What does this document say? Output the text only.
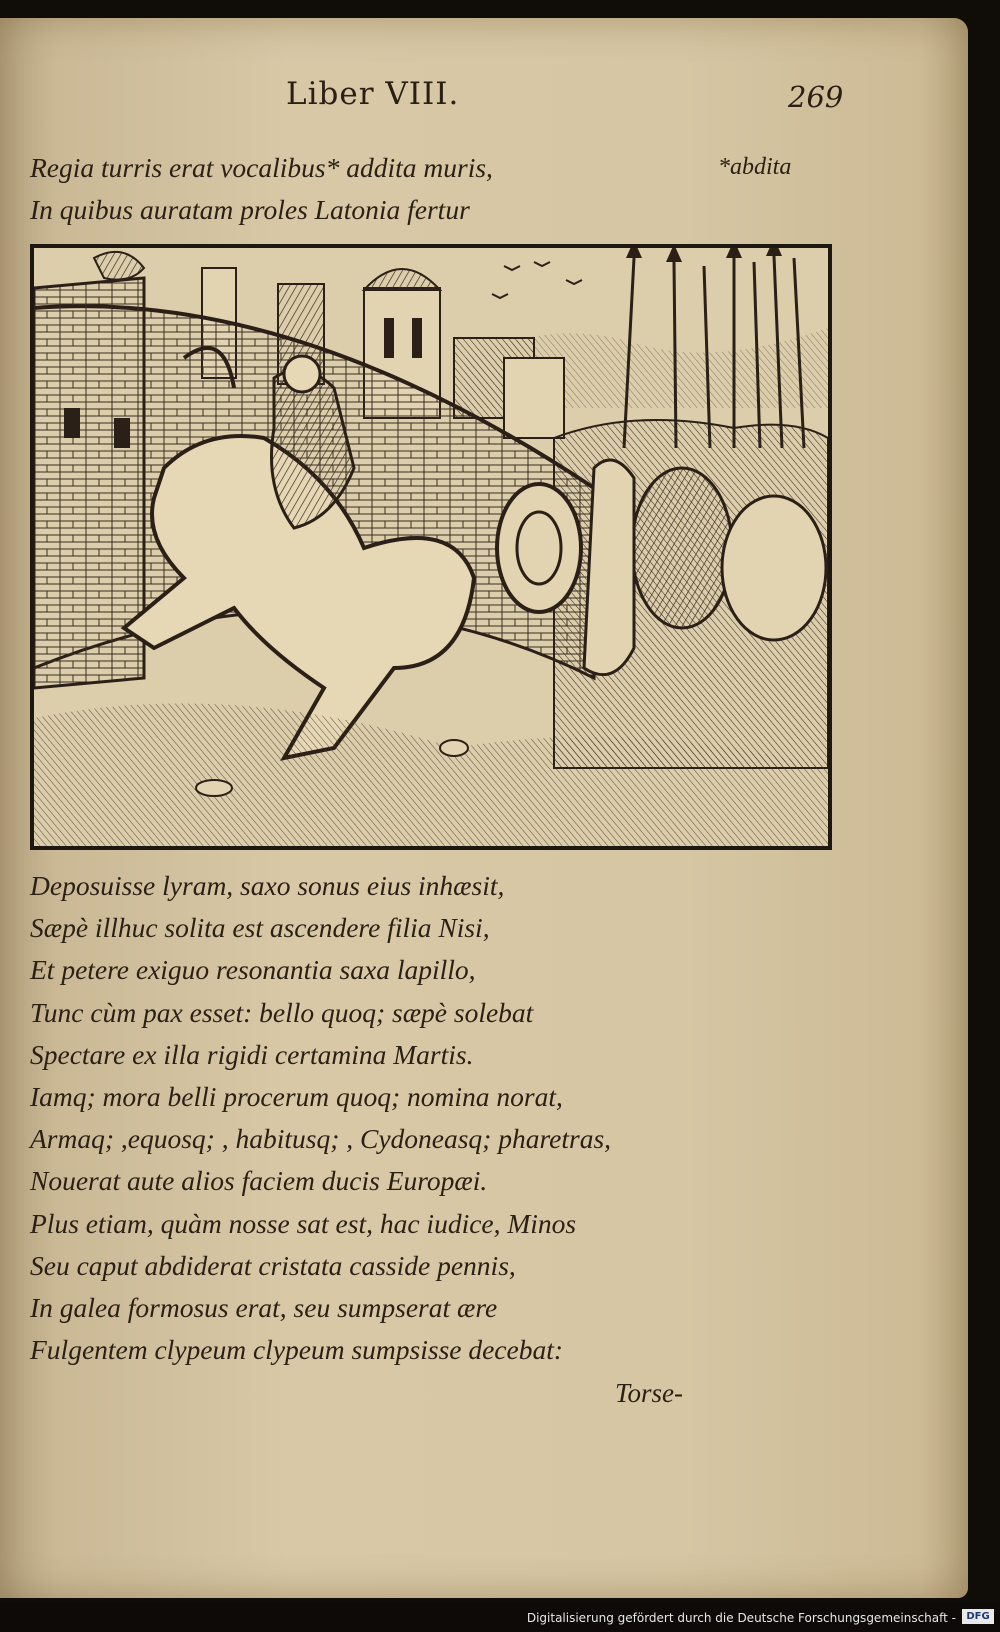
Liber VIII.	269
Regia turris erat vocalibus* addita muris,
In quibus auratam proles Latonia fertur
*abdita
Deposuisse lyram, saxo sonus eius inhæsit,
Sæpè illhuc solita est ascendere filia Nisi,
Et petere exiguo resonantia saxa lapillo,
Tunc cùm pax esset: bello quoq; sæpè solebat
Spectare ex illa rigidi certamina Martis.
Iamq; mora belli procerum quoq; nomina norat,
Armaq; ,equosq; , habitusq; , Cydoneasq; pharetras,
Nouerat aute alios faciem ducis Europæi.
Plus etiam, quàm nosse sat est, hac iudice, Minos
Seu caput abdiderat cristata casside pennis,
In galea formosus erat, seu sumpserat ære
Fulgentem clypeum clypeum sumpsisse decebat:
Torse-
Digitalisierung gefördert durch die Deutsche Forschungsgemeinschaft -	DFG
